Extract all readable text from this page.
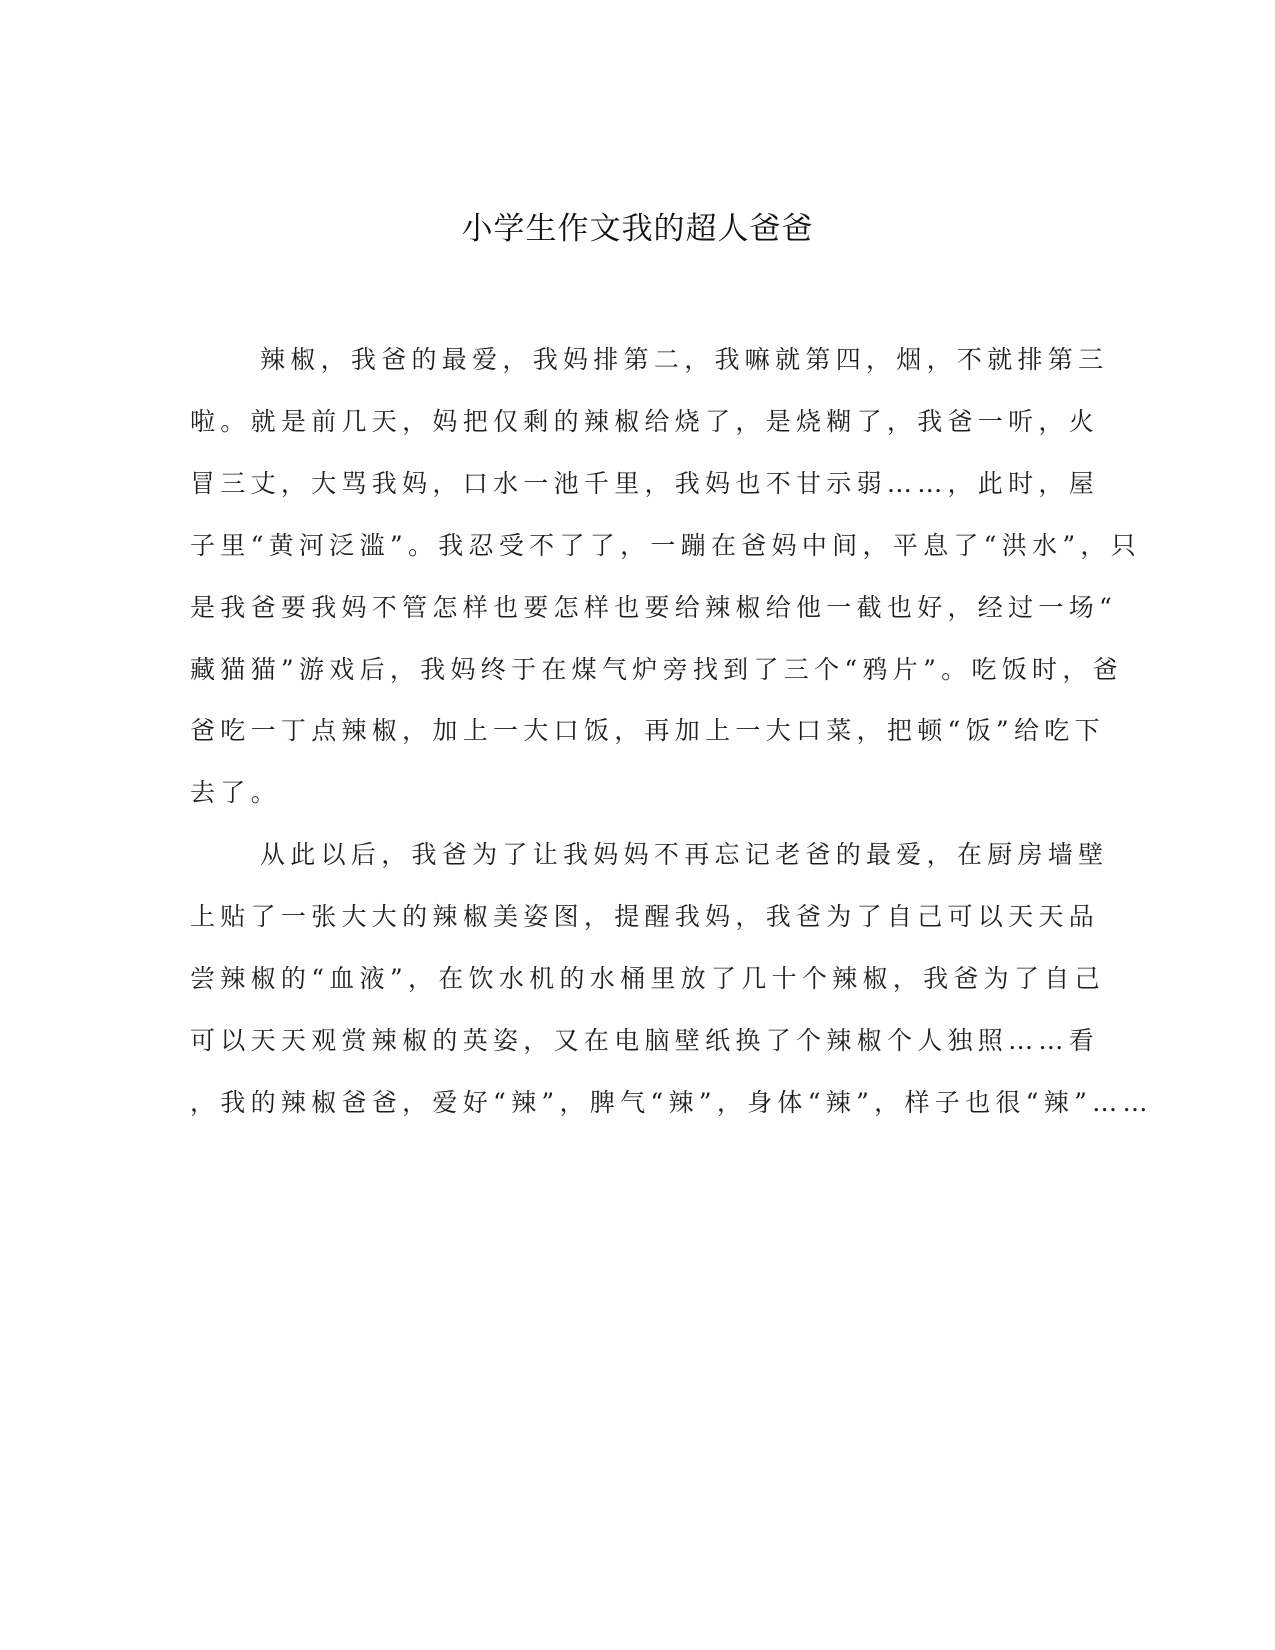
小学生作文我的超人爸爸

辣椒，我爸的最爱，我妈排第二，我嘛就第四，烟，不就排第三
啦。就是前几天，妈把仅剩的辣椒给烧了，是烧糊了，我爸一听，火
冒三丈，大骂我妈，口水一池千里，我妈也不甘示弱……，此时，屋
子里“黄河泛滥”。我忍受不了了，一蹦在爸妈中间，平息了“洪水”，只
是我爸要我妈不管怎样也要怎样也要给辣椒给他一截也好，经过一场“
藏猫猫”游戏后，我妈终于在煤气炉旁找到了三个“鸦片”。吃饭时，爸
爸吃一丁点辣椒，加上一大口饭，再加上一大口菜，把顿“饭”给吃下
去了。

从此以后，我爸为了让我妈妈不再忘记老爸的最爱，在厨房墙壁
上贴了一张大大的辣椒美姿图，提醒我妈，我爸为了自己可以天天品
尝辣椒的“血液”，在饮水机的水桶里放了几十个辣椒，我爸为了自己
可以天天观赏辣椒的英姿，又在电脑壁纸换了个辣椒个人独照……看
，我的辣椒爸爸，爱好“辣”，脾气“辣”，身体“辣”，样子也很“辣”……
